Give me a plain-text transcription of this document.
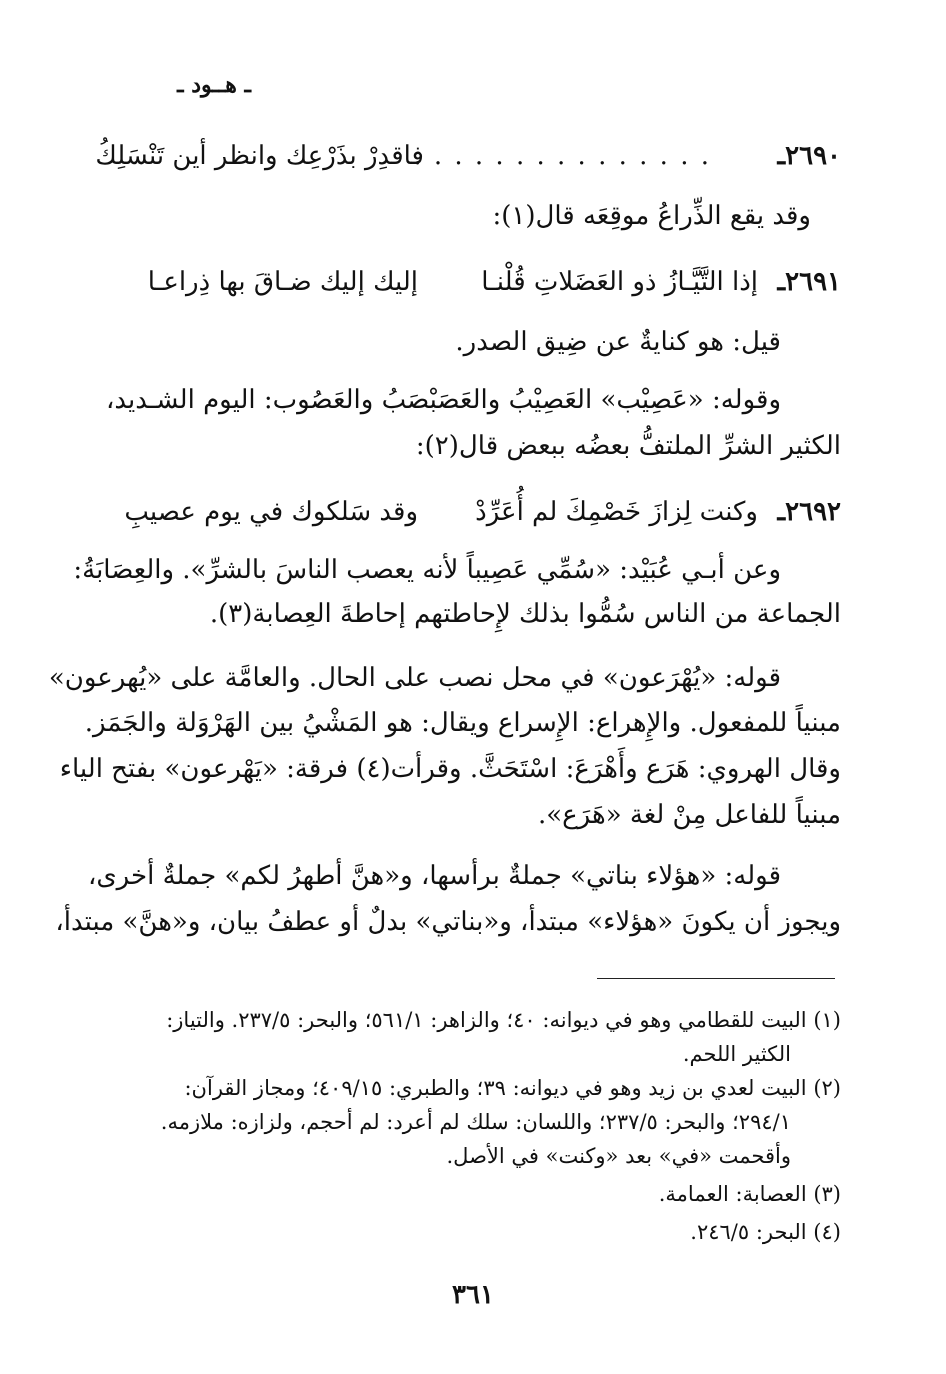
ـ هــود ـ
٢٦٩٠ـ
. . . . . . . . . . . . . . .
فاقدِرْ بذَرْعِك وانظر أين تَنْسَلِكُ
وقد يقع الذِّراعُ موقِعَه قال(١):
٢٦٩١ـ
إذا التَّيَّـازُ ذو العَضَلاتِ قُلْنـا
إليك إليك ضـاقَ بها ذِراعـا
قيل: هو كنايةٌ عن ضِيق الصدر.
وقوله: «عَصِيْب» العَصِيْبُ والعَصَبْصَبُ والعَصُوب: اليوم الشـديد،
الكثير الشرِّ الملتفُّ بعضُه ببعض قال(٢):
٢٦٩٢ـ
وكنت لِزازَ خَصْمِكَ لم أُعَرِّدْ
وقد سَلكوك في يوم عصيبِ
وعن أبـي عُبَيْد: «سُمِّي عَصِيباً لأنه يعصب الناسَ بالشرِّ». والعِصَابَةُ:
الجماعة من الناس سُمُّوا بذلك لإِحاطتهم إحاطةَ العِصابة(٣).
قوله: «يُهْرَعون» في محل نصب على الحال. والعامَّة على «يُهرعون»
مبنياً للمفعول. والإِهراع: الإِسراع ويقال: هو المَشْيُ بين الهَرْوَلة والجَمَز.
وقال الهروي: هَرَع وأَهْرَعَ: اسْتَحَثَّ. وقرأت(٤) فرقة: «يَهْرعون» بفتح الياء
مبنياً للفاعل مِنْ لغة «هَرَع».
قوله: «هؤلاء بناتي» جملةٌ برأسها، و«هنَّ أطهرُ لكم» جملةٌ أخرى،
ويجوز أن يكونَ «هؤلاء» مبتدأ، و«بناتي» بدلٌ أو عطفُ بيان، و«هنَّ» مبتدأ،
(١) البيت للقطامي وهو في ديوانه: ٤٠؛ والزاهر: ٥٦١/١؛ والبحر: ٢٣٧/٥. والتياز:
الكثير اللحم.
(٢) البيت لعدي بن زيد وهو في ديوانه: ٣٩؛ والطبري: ٤٠٩/١٥؛ ومجاز القرآن:
٢٩٤/١؛ والبحر: ٢٣٧/٥؛ واللسان: سلك لم أعرد: لم أحجم، ولزازه: ملازمه.
وأقحمت «في» بعد «وكنت» في الأصل.
(٣) العصابة: العمامة.
(٤) البحر: ٢٤٦/٥.
٣٦١
